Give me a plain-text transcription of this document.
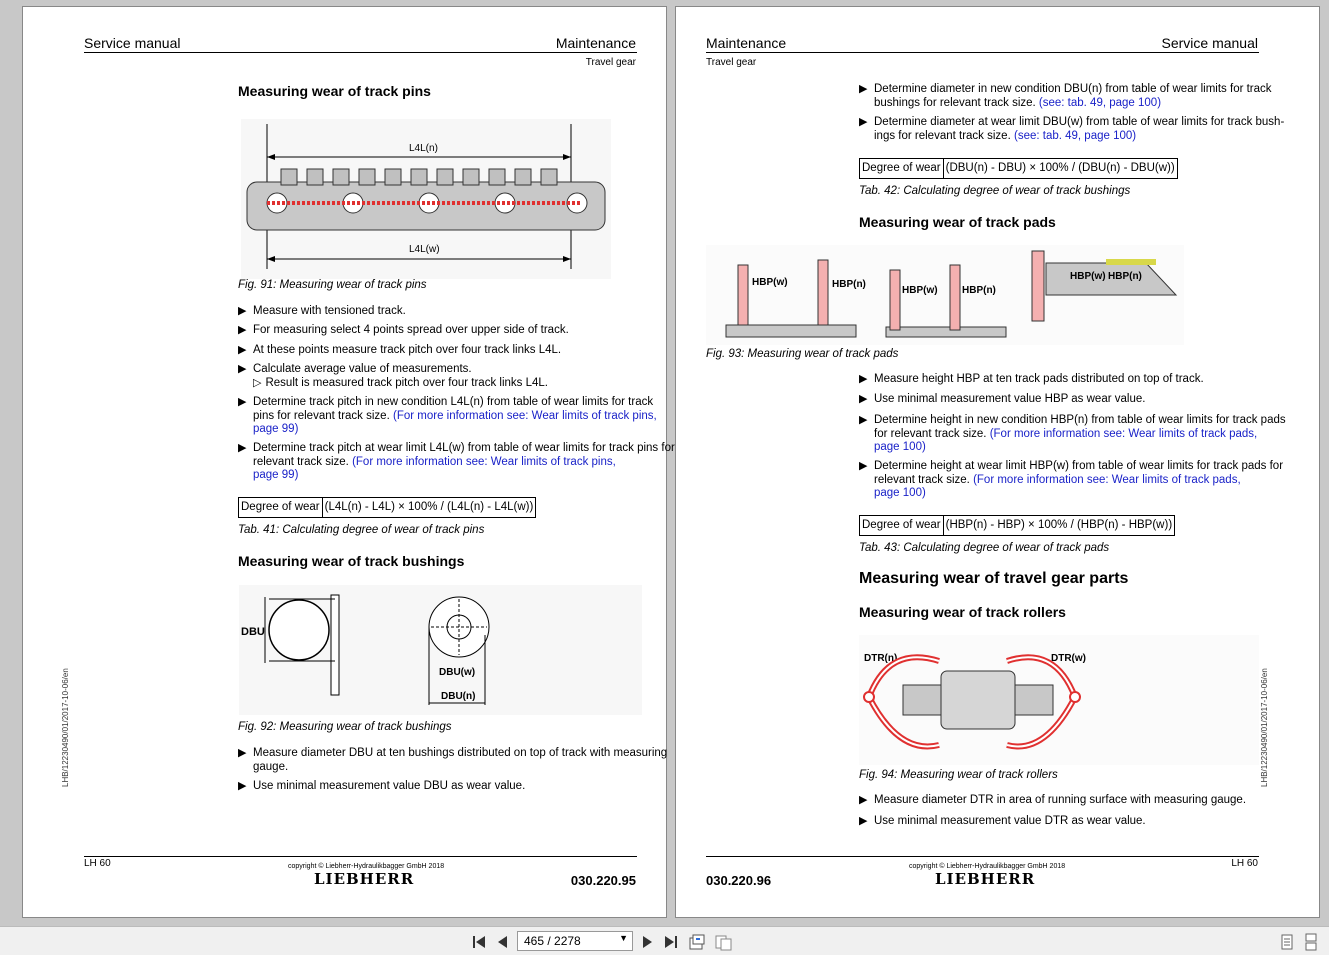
Service manual	Maintenance
Travel gear
Measuring wear of track pins
L4L(n)
L4L(w)
Fig. 91: Measuring wear of track pins
▶ Measure with tensioned track.
▶ For measuring select 4 points spread over upper side of track.
▶ At these points measure track pitch over four track links L4L.
▶ Calculate average value of measurements.
▷ Result is measured track pitch over four track links L4L.
▶ Determine track pitch in new condition L4L(n) from table of wear limits for track
pins for relevant track size. (For more information see: Wear limits of track pins,
page 99)
▶ Determine track pitch at wear limit L4L(w) from table of wear limits for track pins for
relevant track size. (For more information see: Wear limits of track pins,
page 99)
Degree of wear (L4L(n) - L4L) × 100% / (L4L(n) - L4L(w))
Tab. 41: Calculating degree of wear of track pins
Measuring wear of track bushings
DBU
DBU(w)
DBU(n)
Fig. 92: Measuring wear of track bushings
▶ Measure diameter DBU at ten bushings distributed on top of track with measuring
gauge.
▶ Use minimal measurement value DBU as wear value.
LHB/12230490/01/2017-10-06/en
LH 60	copyright © Liebherr-Hydraulikbagger GmbH 2018
LIEBHERR	030.220.95
Maintenance	Service manual
Travel gear
▶ Determine diameter in new condition DBU(n) from table of wear limits for track
bushings for relevant track size. (see: tab. 49, page 100)
▶ Determine diameter at wear limit DBU(w) from table of wear limits for track bush-
ings for relevant track size. (see: tab. 49, page 100)
Degree of wear (DBU(n) - DBU) × 100% / (DBU(n) - DBU(w))
Tab. 42: Calculating degree of wear of track bushings
Measuring wear of track pads
HBP(w)	HBP(n)
HBP(w) HBP(n)
HBP(w) HBP(n)
Fig. 93: Measuring wear of track pads
▶ Measure height HBP at ten track pads distributed on top of track.
▶ Use minimal measurement value HBP as wear value.
▶ Determine height in new condition HBP(n) from table of wear limits for track pads
for relevant track size. (For more information see: Wear limits of track pads,
page 100)
▶ Determine height at wear limit HBP(w) from table of wear limits for track pads for
relevant track size. (For more information see: Wear limits of track pads,
page 100)
Degree of wear (HBP(n) - HBP) × 100% / (HBP(n) - HBP(w))
Tab. 43: Calculating degree of wear of track pads
Measuring wear of travel gear parts
Measuring wear of track rollers
DTR(n)	DTR(w)
Fig. 94: Measuring wear of track rollers
▶ Measure diameter DTR in area of running surface with measuring gauge.
▶ Use minimal measurement value DTR as wear value.
LHB/12230490/01/2017-10-06/en
LH 60
copyright © Liebherr-Hydraulikbagger GmbH 2018
LIEBHERR
030.220.96
465 / 2278	▼
